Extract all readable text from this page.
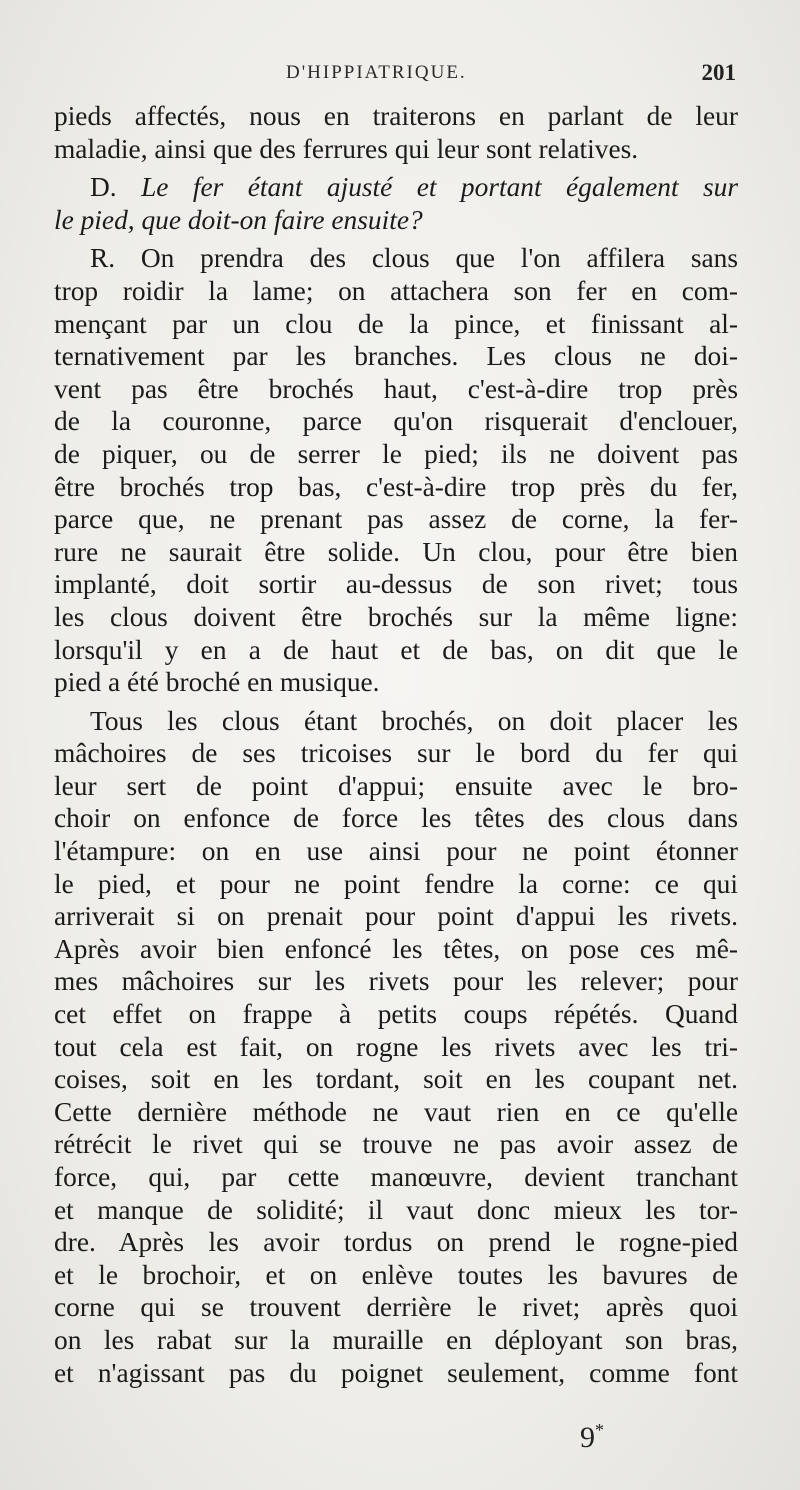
D'HIPPIATRIQUE.	201
pieds affectés, nous en traiterons en parlant de leur
maladie, ainsi que des ferrures qui leur sont relatives.
D. Le fer étant ajusté et portant également sur
le pied, que doit-on faire ensuite?
R. On prendra des clous que l'on affilera sans
trop roidir la lame; on attachera son fer en com-
mençant par un clou de la pince, et finissant al-
ternativement par les branches. Les clous ne doi-
vent pas être brochés haut, c'est-à-dire trop près
de la couronne, parce qu'on risquerait d'enclouer,
de piquer, ou de serrer le pied; ils ne doivent pas
être brochés trop bas, c'est-à-dire trop près du fer,
parce que, ne prenant pas assez de corne, la fer-
rure ne saurait être solide. Un clou, pour être bien
implanté, doit sortir au-dessus de son rivet; tous
les clous doivent être brochés sur la même ligne:
lorsqu'il y en a de haut et de bas, on dit que le
pied a été broché en musique.
Tous les clous étant brochés, on doit placer les
mâchoires de ses tricoises sur le bord du fer qui
leur sert de point d'appui; ensuite avec le bro-
choir on enfonce de force les têtes des clous dans
l'étampure: on en use ainsi pour ne point étonner
le pied, et pour ne point fendre la corne: ce qui
arriverait si on prenait pour point d'appui les rivets.
Après avoir bien enfoncé les têtes, on pose ces mê-
mes mâchoires sur les rivets pour les relever; pour
cet effet on frappe à petits coups répétés. Quand
tout cela est fait, on rogne les rivets avec les tri-
coises, soit en les tordant, soit en les coupant net.
Cette dernière méthode ne vaut rien en ce qu'elle
rétrécit le rivet qui se trouve ne pas avoir assez de
force, qui, par cette manœuvre, devient tranchant
et manque de solidité; il vaut donc mieux les tor-
dre. Après les avoir tordus on prend le rogne-pied
et le brochoir, et on enlève toutes les bavures de
corne qui se trouvent derrière le rivet; après quoi
on les rabat sur la muraille en déployant son bras,
et n'agissant pas du poignet seulement, comme font
9*
